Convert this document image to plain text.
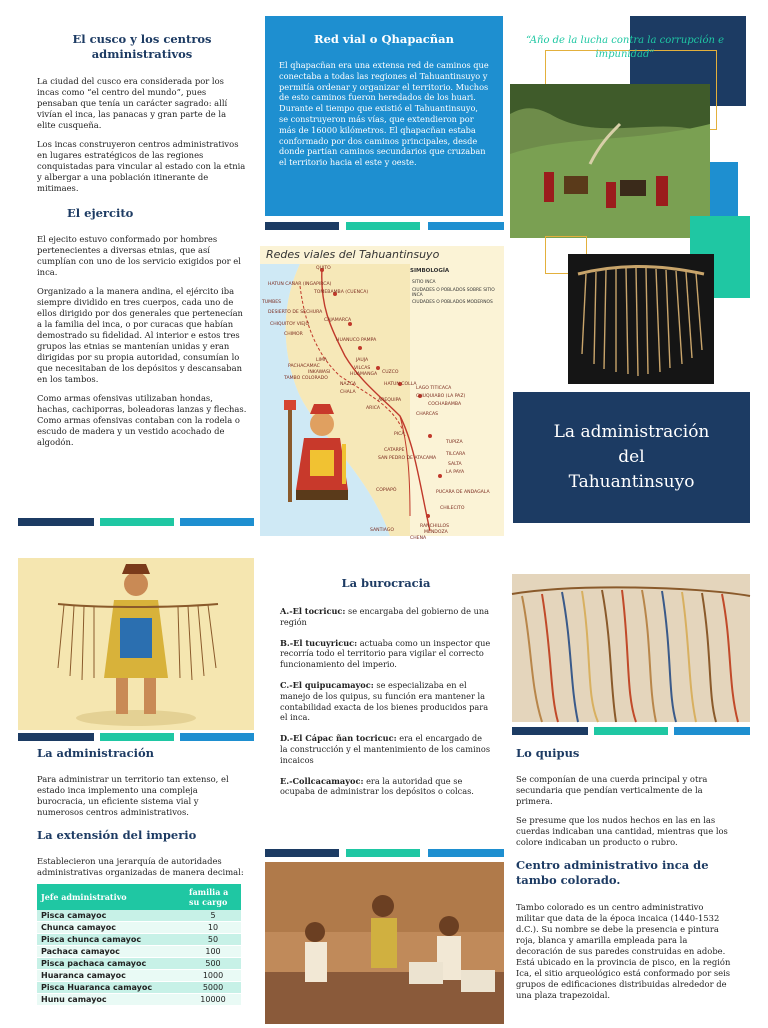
El cusco y los centros administrativos

La ciudad del cusco era considerada por los incas como “el centro del mundo”, pues pensaban que tenía un carácter sagrado: allí vivían el inca, las panacas y gran parte de la elite cusqueña.

Los incas construyeron centros administrativos en lugares estratégicos de las regiones conquistadas para vincular al estado con la etnia y albergar a una población itinerante de mitimaes.

El ejercito

El ejecito estuvo conformado por hombres pertenecientes a diversas etnias, que así cumplían con uno de los servicio exigidos por el inca.

Organizado a la manera andina, el ejército iba siempre dividido en tres cuerpos, cada uno de ellos dirigido por dos generales que pertenecían a la familia del inca, o por curacas que habían demostrado su fidelidad. Al interior e estos tres grupos las etnias se mantenían unidas y eran dirigidas por su propia autoridad, consumían lo que necesitaban de los depósitos y descansaban en los tambos.

Como armas ofensivas utilizaban hondas, hachas, cachiporras, boleadoras lanzas y flechas. Como armas ofensivas contaban con la rodela o escudo de madera y un vestido acochado de algodón.

Red vial o Qhapacñan

El qhapacñan era una extensa red de caminos que conectaba a todas las regiones el Tahuantinsuyo y permitía ordenar y organizar el territorio. Muchos de esto caminos fueron heredados de los huari. Durante el tiempo que existió el Tahuantinsuyo, se construyeron más vías, que extendieron por más de 16000 kilómetros. El qhapacñan estaba conformado por dos caminos principales, desde donde partían caminos secundarios que cruzaban el territorio hacia el este y oeste.

Redes viales del Tahuantinsuyo
SIMBOLOGÍA
SITIO INCA
CIUDADES O POBLADOS SOBRE SITIO INCA
CIUDADES O POBLADOS MODERNOS
QUITO
HATUN CAÑAR (INGAPIRCA)
TOMEBAMBA (CUENCA)
TUMBES
DESIERTO DE SECHURA
CHIQUITOY VIEJO
CHIMOR
CAJAMARCA
HUANUCO PAMPA
LIMA
PACHACAMAC
INKAWASI
TAMBO COLORADO
NAZCA
CHALA
JAUJA
VILCAS
HUAMANGA CUZCO
HATUN COLLA
LAGO TITICACA
CHUQUIABO (LA PAZ)
AREQUIPA
COCHABAMBA
ARICA
CHARCAS
PICA
TUPIZA
CATARPE
SAN PEDRO DE ATACAMA
TILCARA
SALTA
LA PAYA
COPIAPÓ	PUCARA DE ANDAGALA
CHILECITO
RANCHILLOS
MENDOZA
SANTIAGO
CHENA
“Año de la lucha contra la corrupción e impunidad”
La administración
del
Tahuantinsuyo
La administración

Para administrar un territorio tan extenso, el estado inca implemento una compleja burocracia, un eficiente sistema vial y numerosos centros administrativos.

La extensión del imperio

Establecieron una jerarquía de autoridades administrativas organizadas de manera decimal:

Jefe administrativo	familia a su cargo
Pisca camayoc	5
Chunca camayoc	10
Pisca chunca camayoc	50
Pachaca camayoc	100
Pisca pachaca camayoc	500
Huaranca camayoc	1000
Pisca Huaranca camayoc	5000
Hunu camayoc	10000
La burocracia

A.-El tocricuc: se encargaba del gobierno de una región

B.-El tucuyricuc: actuaba como un inspector que recorría todo el territorio para vigilar el correcto funcionamiento del imperio.

C.-El quipucamayoc: se especializaba en el manejo de los quipus, su función era mantener la contabilidad exacta de los bienes producidos para el inca.

D.-El Cápac ñan tocricuc: era el encargado de la construcción y el mantenimiento de los caminos incaicos

E.-Collcacamayoc: era la autoridad que se ocupaba de administrar los depósitos o colcas.

Lo quipus

Se componían de una cuerda principal y otra secundaria que pendían verticalmente de la primera.

Se presume que los nudos hechos en las en las cuerdas indicaban una cantidad, mientras que los colore indicaban un producto o rubro.

Centro administrativo inca de tambo colorado.

Tambo colorado es un centro administrativo militar que data de la época incaica (1440-1532 d.C.). Su nombre se debe la presencia e pintura roja, blanca y amarilla empleada para la decoración de sus paredes construidas en adobe. Está ubicado en la provincia de pisco, en la región Ica, el sitio arqueológico está conformado por seis grupos de edificaciones distribuidas alrededor de una plaza trapezoidal.
